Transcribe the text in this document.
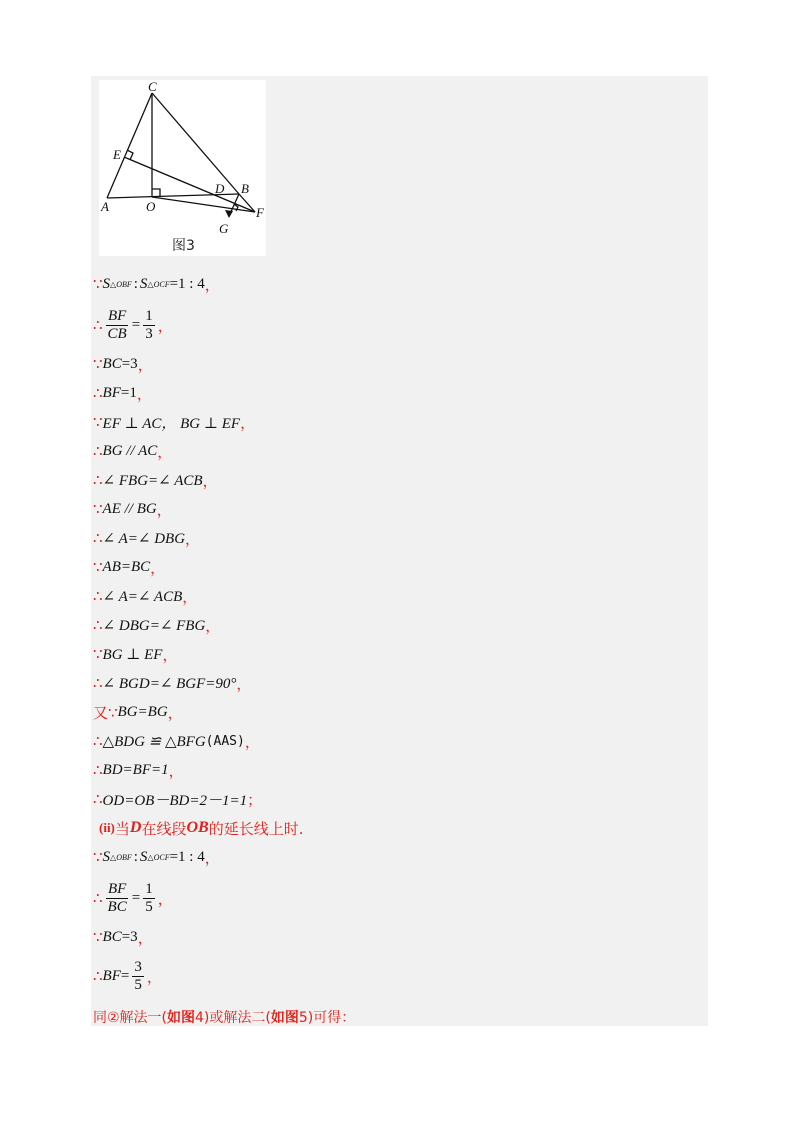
C
E
D B
A	O	F
G
图3
∵ S △OBF : S △OCF =1 : 4 ，
∴ $\frac{BF}{CB} = \frac{1}{3}$ ，
∵ BC =3 ，
∴ BF =1 ，
∵ EF ⊥ AC， BG ⊥ EF ，
∴ BG // AC ，
∴ ∠ FBG=∠ ACB ，
∵ AE // BG ，
∴ ∠ A=∠ DBG ，
∵ AB=BC ，
∴ ∠ A=∠ ACB ，
∴ ∠ DBG=∠ FBG ，
∵ BG ⊥ EF ，
∴ ∠ BGD=∠ BGF=90° ，
又∵ BG=BG ，
∴ △BDG ≌ △BFG (AAS) ，
∴ BD=BF=1 ，
∴ OD=OB－BD=2－1=1 ；
(ii) 当 D 在线段 OB 的延长线上时.
∵ S △OBF : S △OCF =1 : 4 ，
∴ $\frac{BF}{BC} = \frac{1}{5}$ ，
∵ BC =3 ，
∴ BF = $\frac{3}{5}$ ，
同②解法一( 如图 4)或解法二( 如图 5)可得：
